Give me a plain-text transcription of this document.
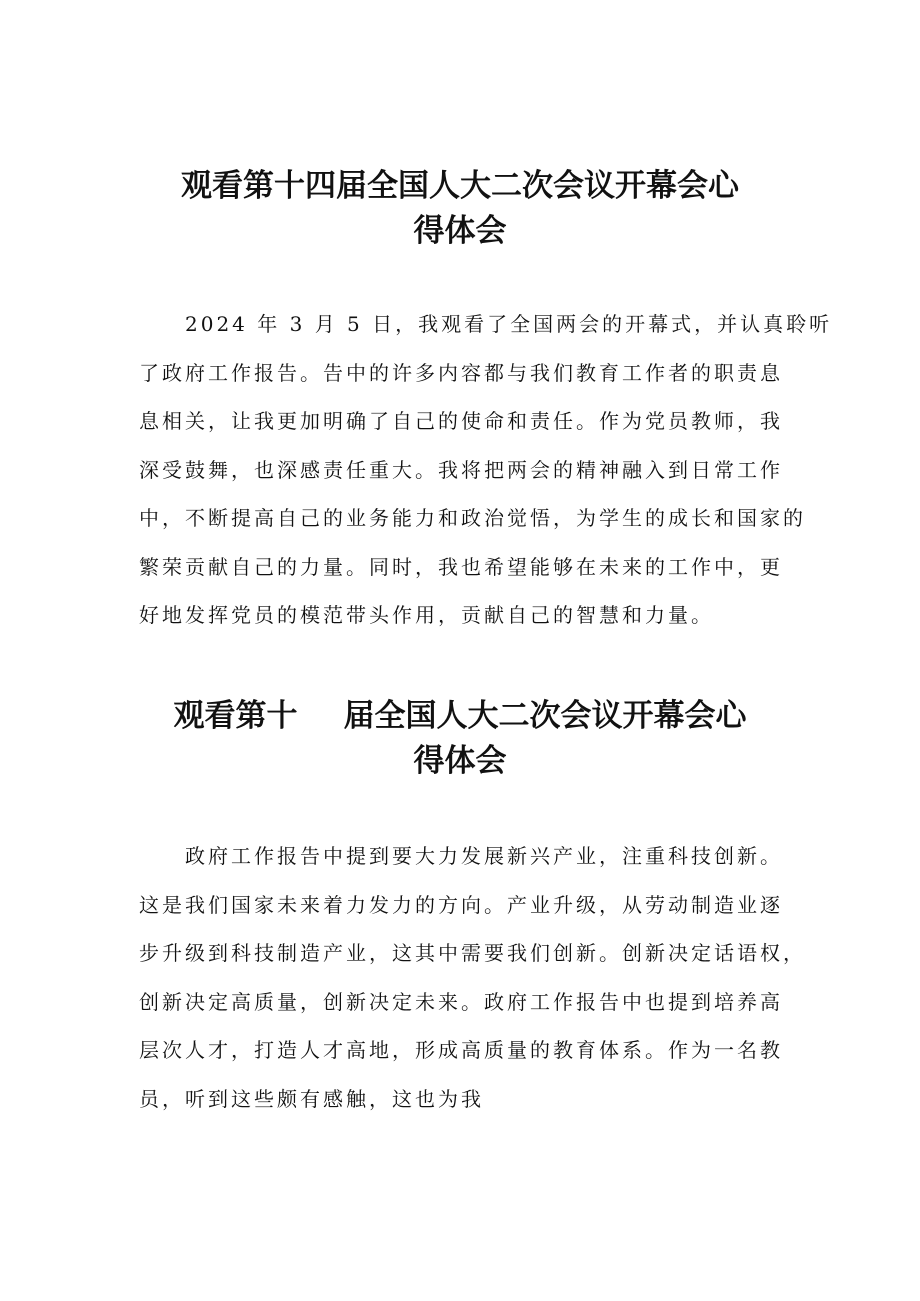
观看第十四届全国人大二次会议开幕会心
得体会
2024 年 3 月 5 日，我观看了全国两会的开幕式，并认真聆听
了政府工作报告。告中的许多内容都与我们教育工作者的职责息
息相关，让我更加明确了自己的使命和责任。作为党员教师，我
深受鼓舞，也深感责任重大。我将把两会的精神融入到日常工作
中，不断提高自己的业务能力和政治觉悟，为学生的成长和国家的
繁荣贡献自己的力量。同时，我也希望能够在未来的工作中，更
好地发挥党员的模范带头作用，贡献自己的智慧和力量。
观看第十 届全国人大二次会议开幕会心
得体会
政府工作报告中提到要大力发展新兴产业，注重科技创新。
这是我们国家未来着力发力的方向。产业升级，从劳动制造业逐
步升级到科技制造产业，这其中需要我们创新。创新决定话语权，
创新决定高质量，创新决定未来。政府工作报告中也提到培养高
层次人才，打造人才高地，形成高质量的教育体系。作为一名教
员，听到这些颇有感触，这也为我
